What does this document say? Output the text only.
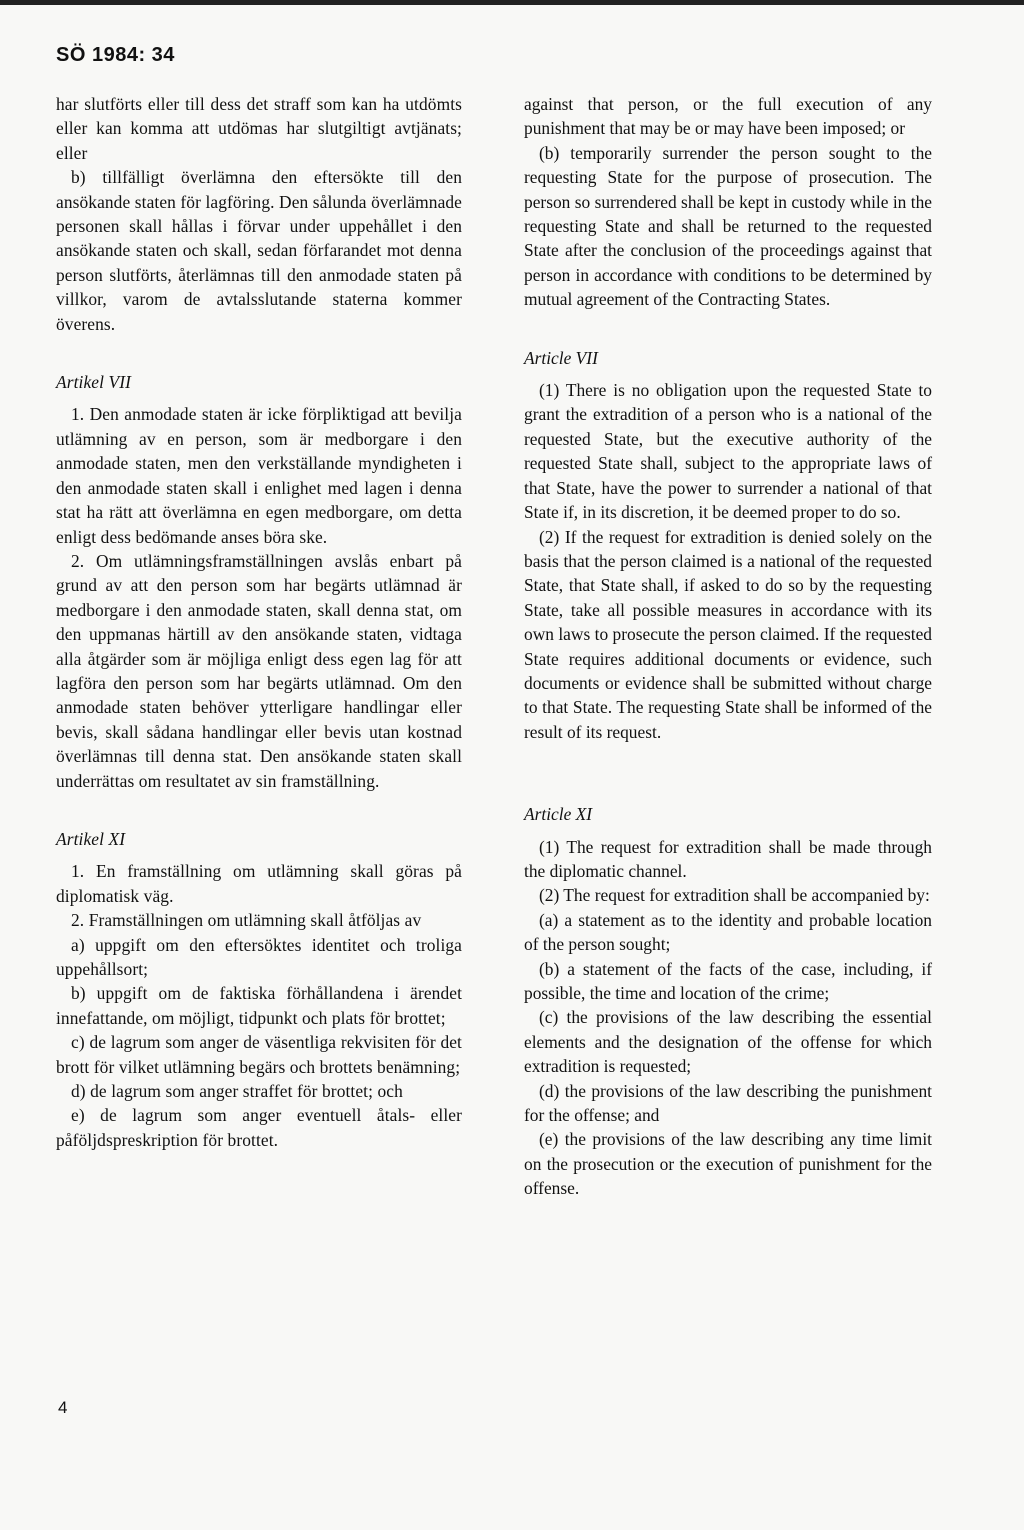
SÖ 1984: 34

har slutförts eller till dess det straff som kan ha utdömts eller kan komma att utdömas har slutgiltigt avtjänats; eller

b) tillfälligt överlämna den eftersökte till den ansökande staten för lagföring. Den sålunda överlämnade personen skall hållas i förvar under uppehållet i den ansökande staten och skall, sedan förfarandet mot denna person slutförts, återlämnas till den anmodade staten på villkor, varom de avtalsslutande staterna kommer överens.

Artikel VII

1. Den anmodade staten är icke förpliktigad att bevilja utlämning av en person, som är medborgare i den anmodade staten, men den verkställande myndigheten i den anmodade staten skall i enlighet med lagen i denna stat ha rätt att överlämna en egen medborgare, om detta enligt dess bedömande anses böra ske.

2. Om utlämningsframställningen avslås enbart på grund av att den person som har begärts utlämnad är medborgare i den anmodade staten, skall denna stat, om den uppmanas härtill av den ansökande staten, vidtaga alla åtgärder som är möjliga enligt dess egen lag för att lagföra den person som har begärts utlämnad. Om den anmodade staten behöver ytterligare handlingar eller bevis, skall sådana handlingar eller bevis utan kostnad överlämnas till denna stat. Den ansökande staten skall underrättas om resultatet av sin framställning.

Artikel XI

1. En framställning om utlämning skall göras på diplomatisk väg.

2. Framställningen om utlämning skall åtföljas av

a) uppgift om den eftersöktes identitet och troliga uppehållsort;

b) uppgift om de faktiska förhållandena i ärendet innefattande, om möjligt, tidpunkt och plats för brottet;

c) de lagrum som anger de väsentliga rekvisiten för det brott för vilket utlämning begärs och brottets benämning;

d) de lagrum som anger straffet för brottet; och

e) de lagrum som anger eventuell åtals- eller påföljdspreskription för brottet.

against that person, or the full execution of any punishment that may be or may have been imposed; or

(b) temporarily surrender the person sought to the requesting State for the purpose of prosecution. The person so surrendered shall be kept in custody while in the requesting State and shall be returned to the requested State after the conclusion of the proceedings against that person in accordance with conditions to be determined by mutual agreement of the Contracting States.

Article VII

(1) There is no obligation upon the requested State to grant the extradition of a person who is a national of the requested State, but the executive authority of the requested State shall, subject to the appropriate laws of that State, have the power to surrender a national of that State if, in its discretion, it be deemed proper to do so.

(2) If the request for extradition is denied solely on the basis that the person claimed is a national of the requested State, that State shall, if asked to do so by the requesting State, take all possible measures in accordance with its own laws to prosecute the person claimed. If the requested State requires additional documents or evidence, such documents or evidence shall be submitted without charge to that State. The requesting State shall be informed of the result of its request.

Article XI

(1) The request for extradition shall be made through the diplomatic channel.

(2) The request for extradition shall be accompanied by:

(a) a statement as to the identity and probable location of the person sought;

(b) a statement of the facts of the case, including, if possible, the time and location of the crime;

(c) the provisions of the law describing the essential elements and the designation of the offense for which extradition is requested;

(d) the provisions of the law describing the punishment for the offense; and

(e) the provisions of the law describing any time limit on the prosecution or the execution of punishment for the offense.

4
